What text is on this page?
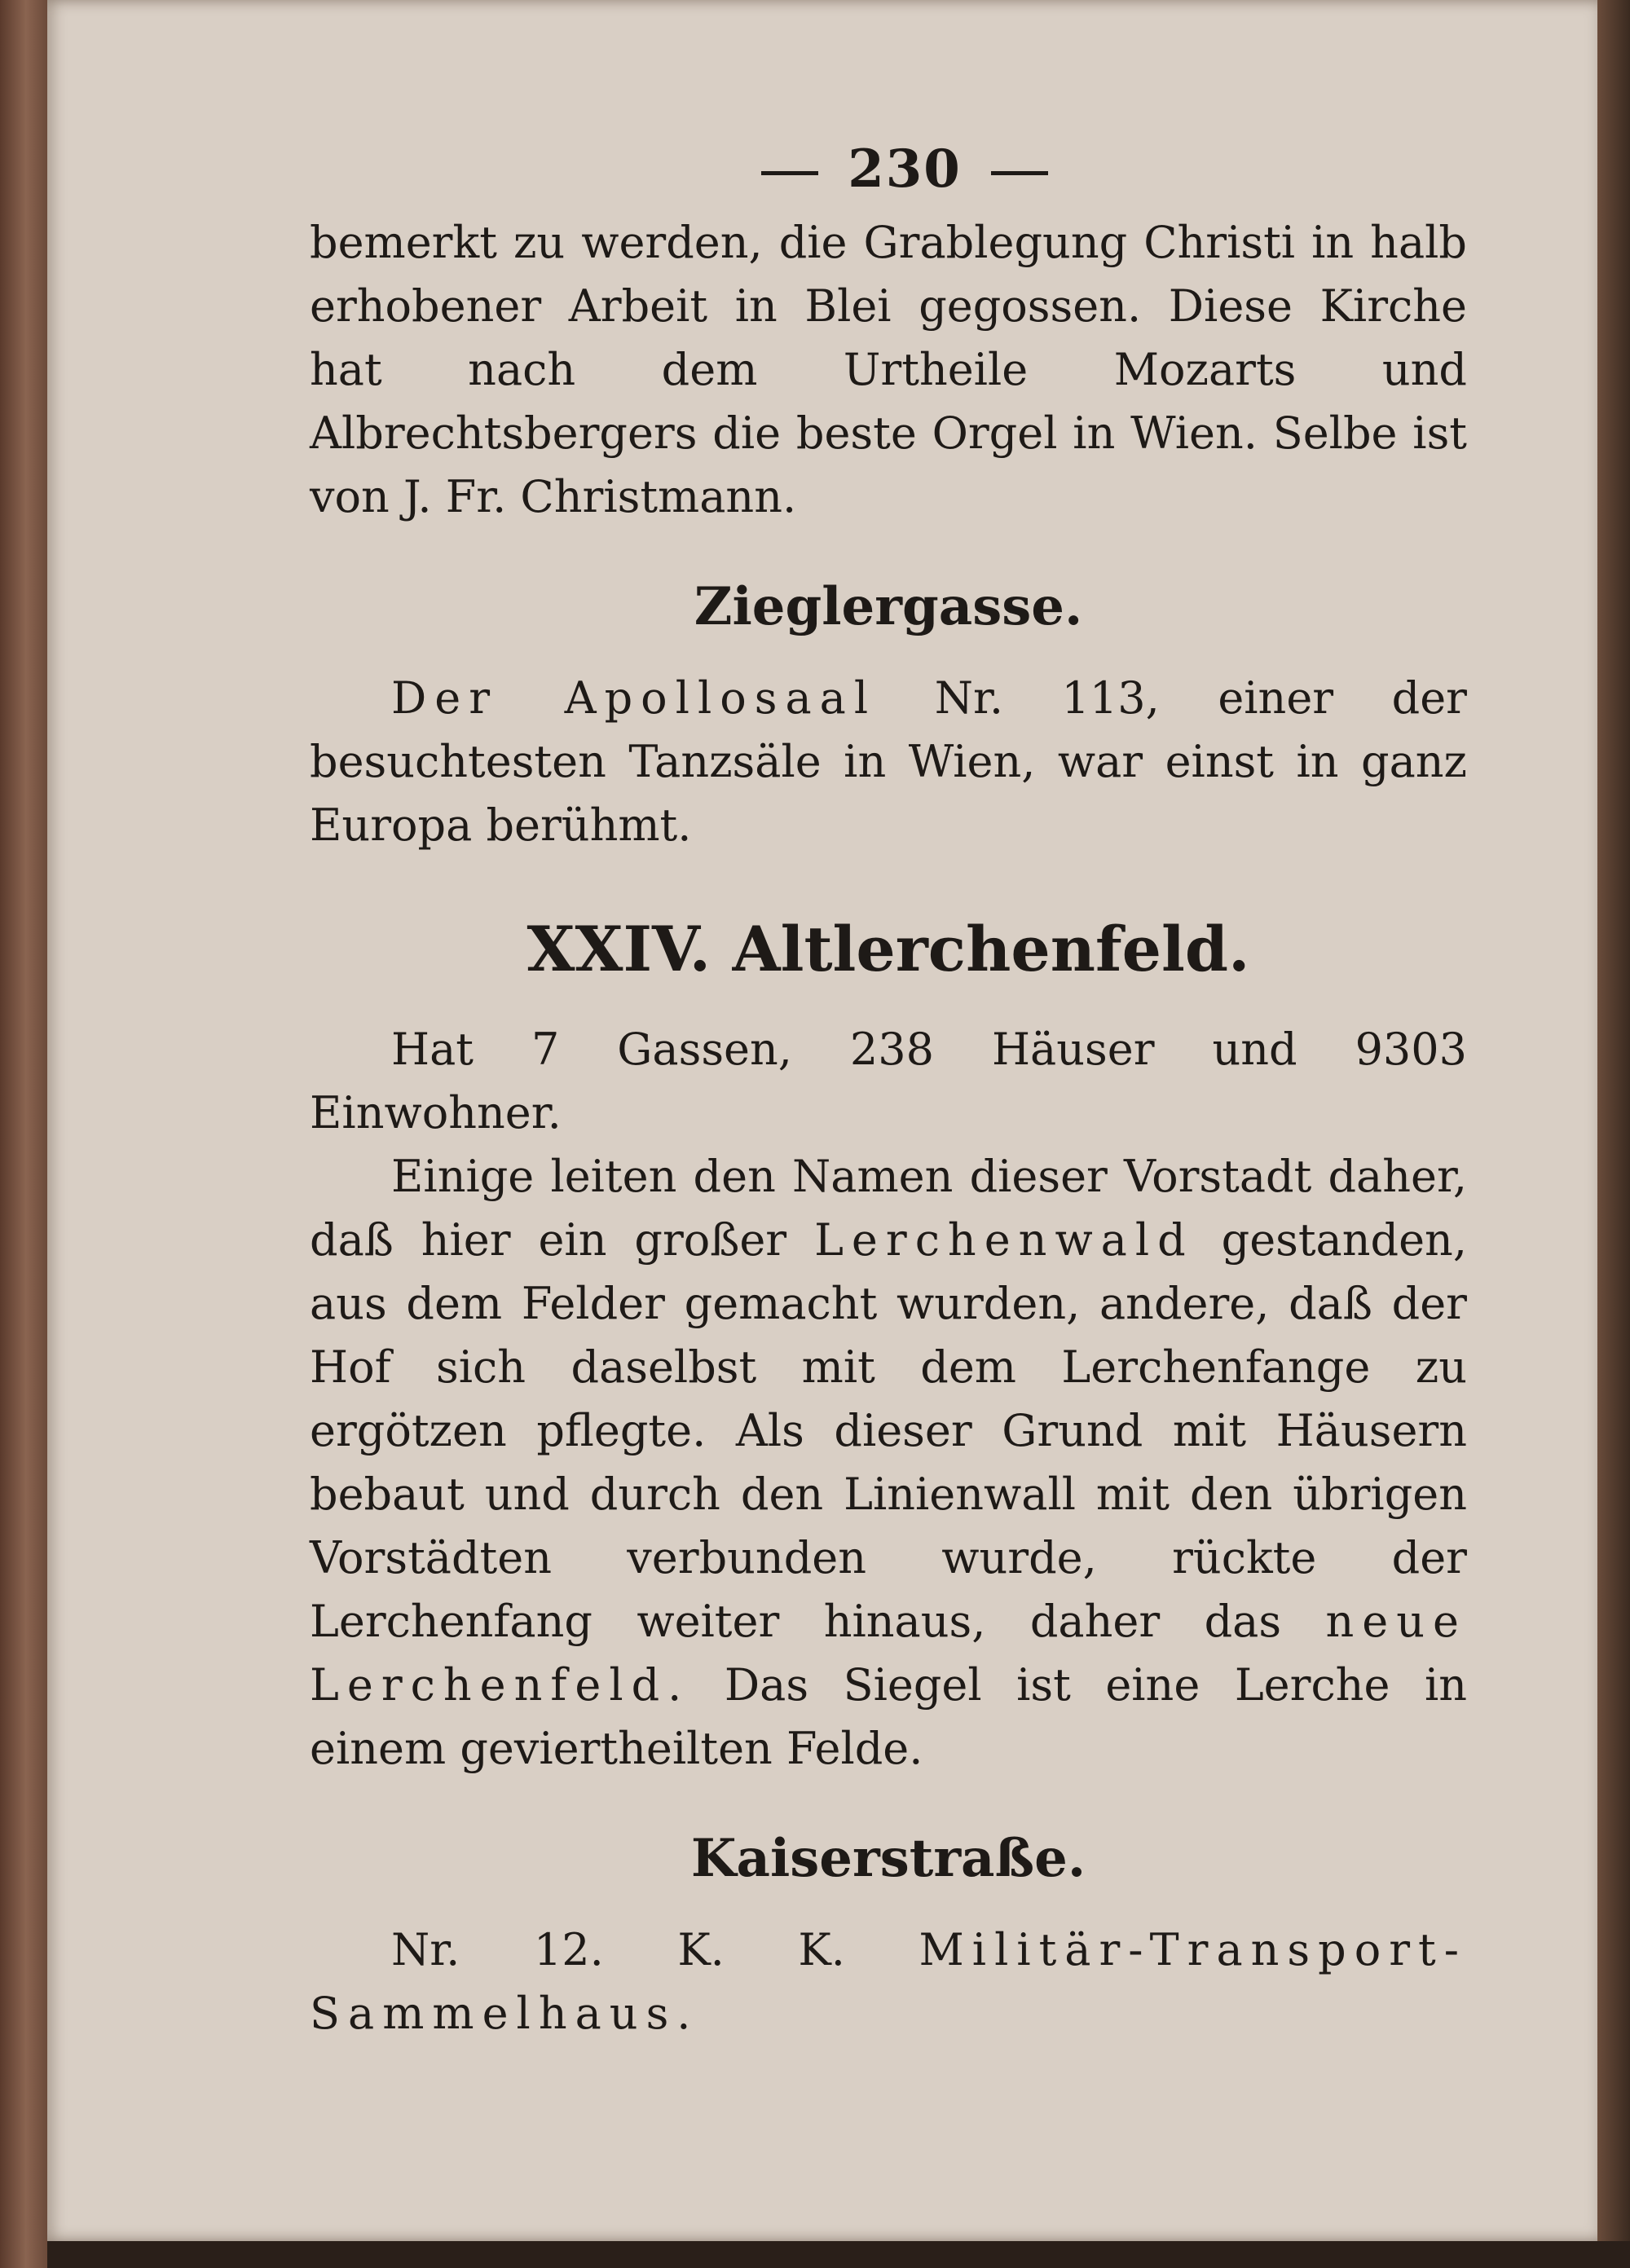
230

bemerkt zu werden, die Grablegung Christi in halb erhobener Arbeit in Blei gegossen. Diese Kirche hat nach dem Urtheile Mozarts und Albrechtsbergers die beste Orgel in Wien. Selbe ist von J. Fr. Christmann.

Zieglergasse.

Der Apollosaal Nr. 113, einer der besuchtesten Tanzsäle in Wien, war einst in ganz Europa berühmt.

XXIV. Altlerchenfeld.

Hat 7 Gassen, 238 Häuser und 9303 Einwohner.

Einige leiten den Namen dieser Vorstadt daher, daß hier ein großer Lerchenwald gestanden, aus dem Felder gemacht wurden, andere, daß der Hof sich daselbst mit dem Lerchenfange zu ergötzen pflegte. Als dieser Grund mit Häusern bebaut und durch den Linienwall mit den übrigen Vorstädten verbunden wurde, rückte der Lerchenfang weiter hinaus, daher das neue Lerchenfeld. Das Siegel ist eine Lerche in einem geviertheilten Felde.

Kaiserstraße.

Nr. 12. K. K. Militär-Transport-Sammelhaus.
